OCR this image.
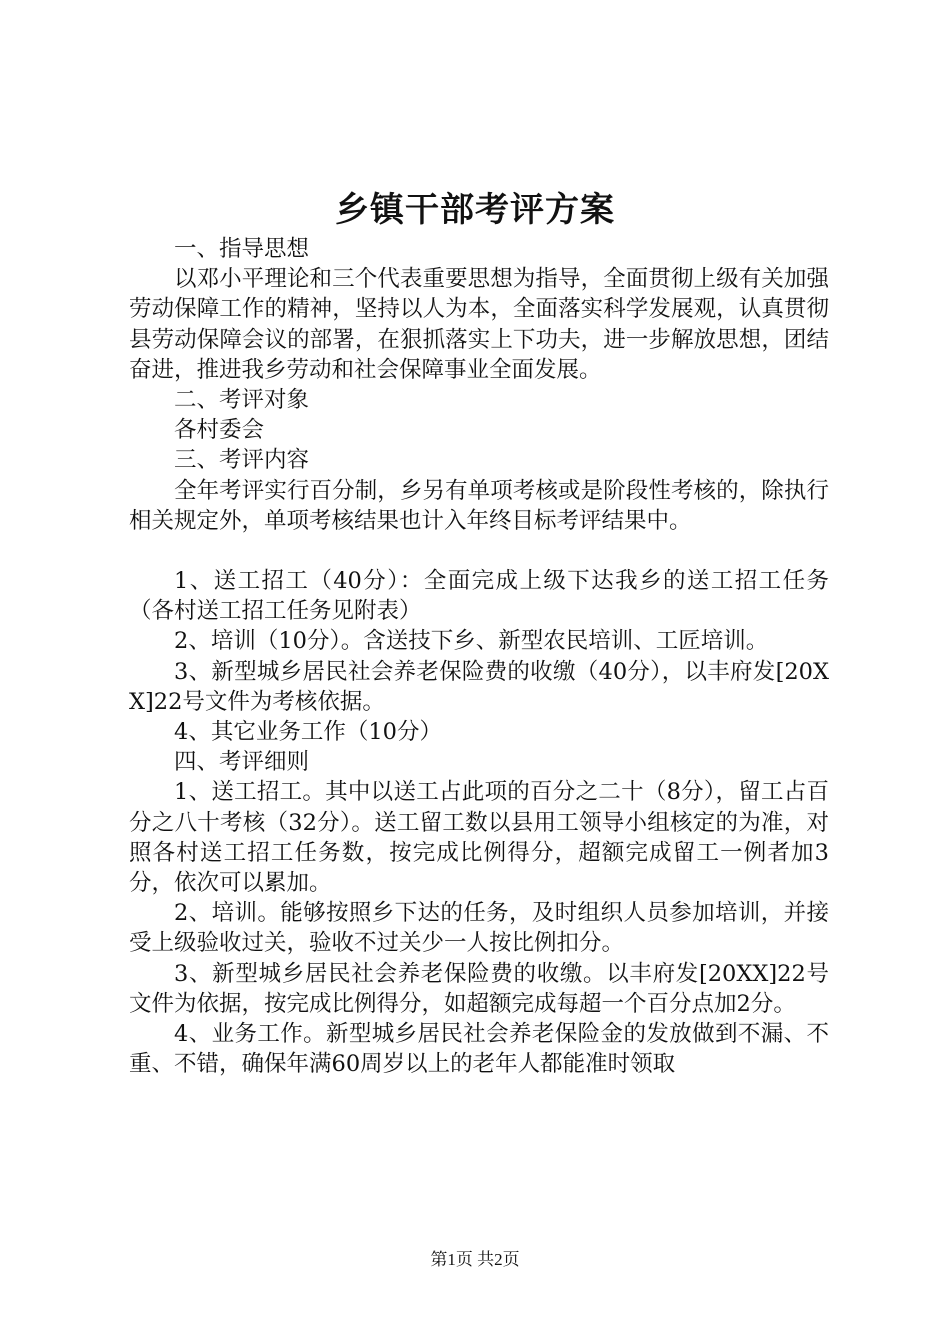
乡镇干部考评方案

一、指导思想

以邓小平理论和三个代表重要思想为指导，全面贯彻上级有关加强劳动保障工作的精神，坚持以人为本，全面落实科学发展观，认真贯彻县劳动保障会议的部署，在狠抓落实上下功夫，进一步解放思想，团结奋进，推进我乡劳动和社会保障事业全面发展。

二、考评对象

各村委会

三、考评内容

全年考评实行百分制，乡另有单项考核或是阶段性考核的，除执行相关规定外，单项考核结果也计入年终目标考评结果中。

1、送工招工（40分）：全面完成上级下达我乡的送工招工任务（各村送工招工任务见附表）

2、培训（10分）。含送技下乡、新型农民培训、工匠培训。

3、新型城乡居民社会养老保险费的收缴（40分），以丰府发[20XX]22号文件为考核依据。

4、其它业务工作（10分）

四、考评细则

1、送工招工。其中以送工占此项的百分之二十（8分），留工占百分之八十考核（32分）。送工留工数以县用工领导小组核定的为准，对照各村送工招工任务数，按完成比例得分，超额完成留工一例者加3分，依次可以累加。

2、培训。能够按照乡下达的任务，及时组织人员参加培训，并接受上级验收过关，验收不过关少一人按比例扣分。

3、新型城乡居民社会养老保险费的收缴。以丰府发[20XX]22号文件为依据，按完成比例得分，如超额完成每超一个百分点加2分。

4、业务工作。新型城乡居民社会养老保险金的发放做到不漏、不重、不错，确保年满60周岁以上的老年人都能准时领取

第1页 共2页
